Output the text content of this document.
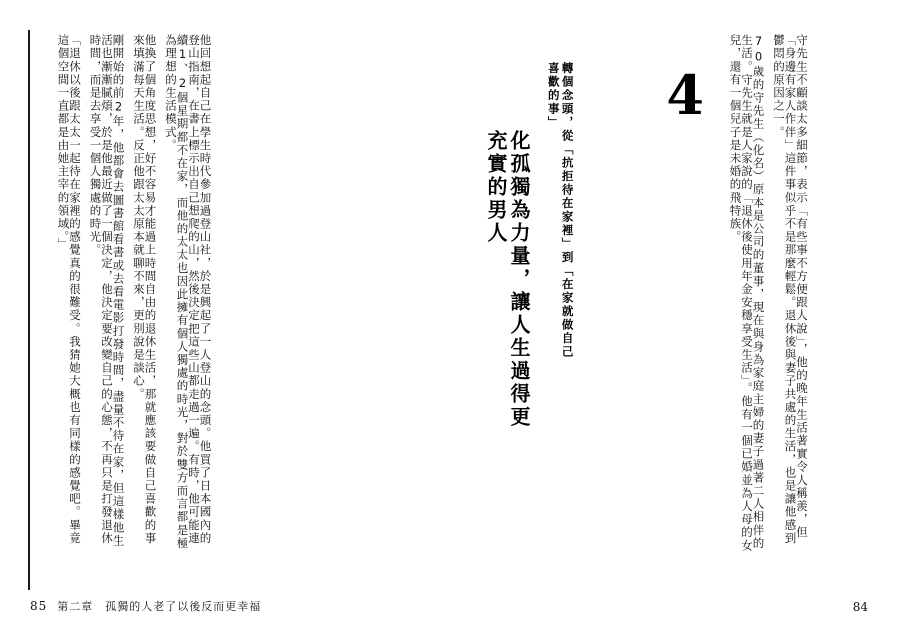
4
化孤獨為力量，讓人生過得更充實的男人	轉個念頭，從「抗拒待在家裡」到「在家就做自己喜歡的事」	70歲的守先生（化名）原本是公司的董事，現在與身為家庭主婦的妻子過著二人相伴的生活。守先生就是人家說的「退休後使用年金安穩享受生活」。他有一個已婚並為人母的女兒，還有一個兒子是未婚的飛特族。	守先生不顧談太多細節，表示「有些事不方便跟人說」，他的晚年生活著實令人稱羨，但「身邊有家人作伴」這件事似乎不是那麼輕鬆。退休後與妻子共處的生活，也是讓他感到鬱悶的原因之一。
「退休以後跟太太一起待在家裡的感覺真的很難受。我猜她大概也有同樣的感覺吧。畢竟這個空間一直都是由她主宰的領域。」	剛開始的前2年，他都會去圖書館看書或去看電影打發時間，盡量不待在家，但這樣他生活也漸漸膩煩，於是他最近做了一個決定，他決定要改變自己的心態，不再只是打發退休時間，而是去享受一個人獨處的時光。	他換了個角度思想，好不容易才能過上時間自由的退休生活，那就應該要做自己喜歡的事來填滿每天生活。反正他跟太太原本就聊不來，更別說是談心。	他回想起自己在學生時代參加過登山社，於是興起了一人登山的念頭。他買了日本國內的登山指南，在書上標示出自己想爬的山，然後決定把這些山都走過一遍。有時，他可能連續1、2個星期都不在家，而他的太太也因此擁有個人獨處的時光，對於雙方而言都是極為理想的生活模式。
85 第二章　孤獨的人老了以後反而更幸福	84
